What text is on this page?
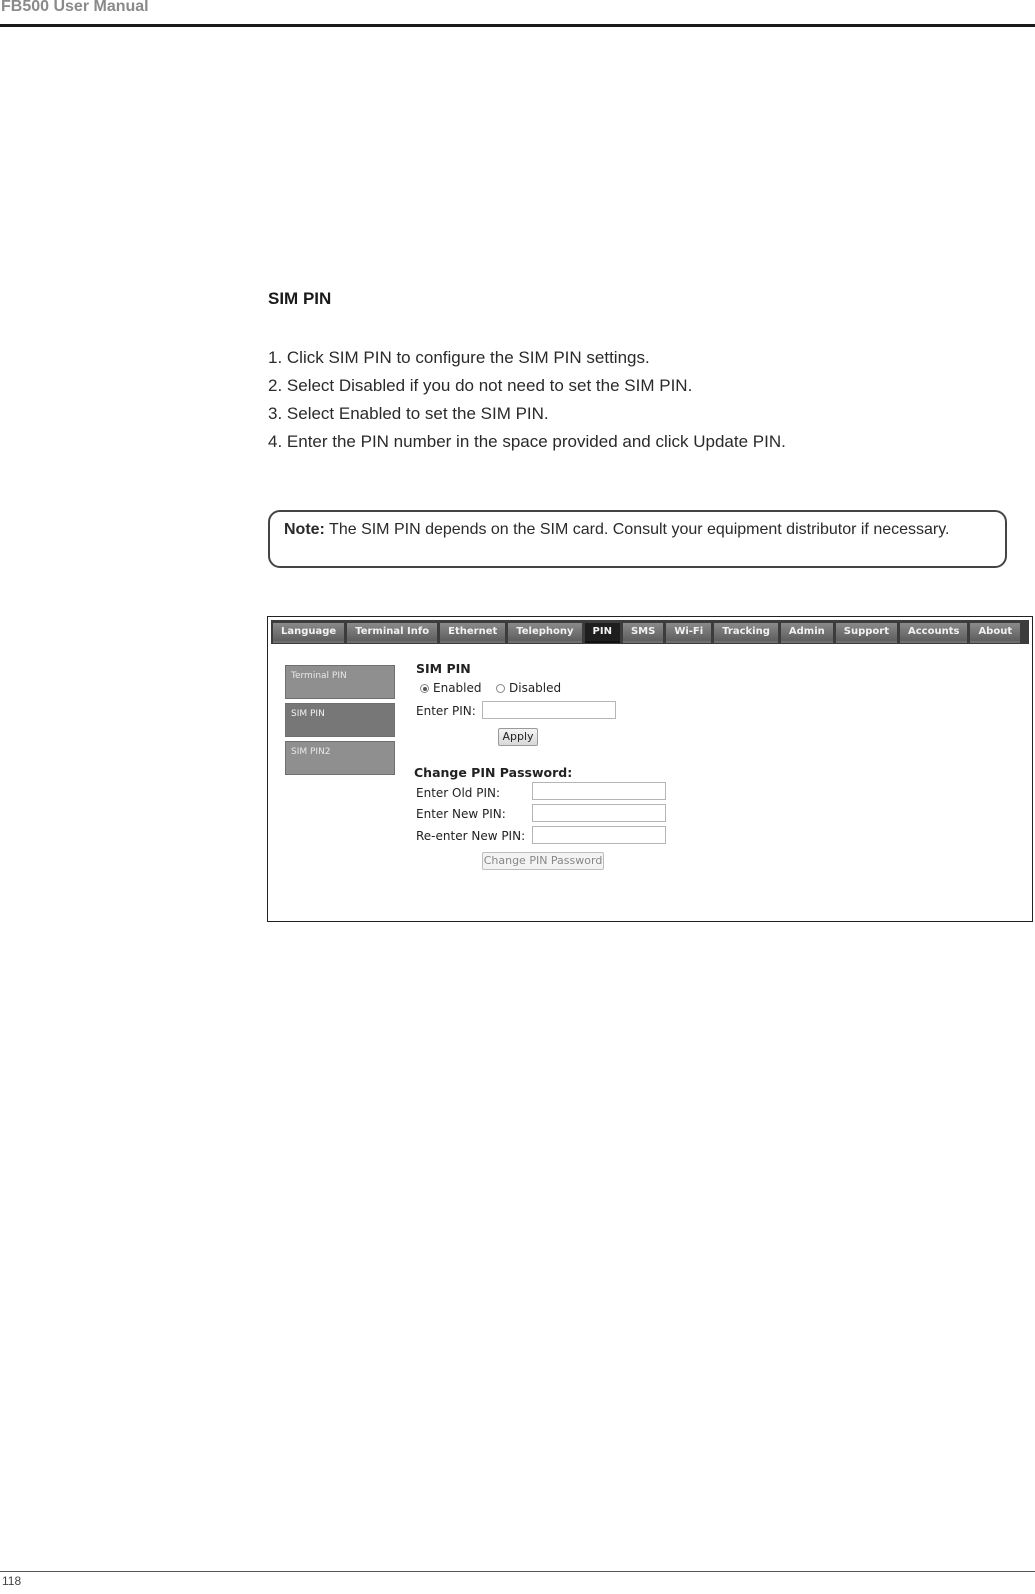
FB500 User Manual
SIM PIN
1. Click SIM PIN to configure the SIM PIN settings.
2. Select Disabled if you do not need to set the SIM PIN.
3. Select Enabled to set the SIM PIN.
4. Enter the PIN number in the space provided and click Update PIN.
Note: The SIM PIN depends on the SIM card. Consult your equipment distributor if necessary.
Language	Terminal Info	Ethernet	Telephony	PIN	SMS	Wi-Fi	Tracking	Admin	Support	Accounts	About
Terminal PIN
SIM PIN
SIM PIN2
SIM PIN
Enabled	Disabled
Enter PIN:
Apply
Change PIN Password:
Enter Old PIN:
Enter New PIN:
Re-enter New PIN:
Change PIN Password
118
